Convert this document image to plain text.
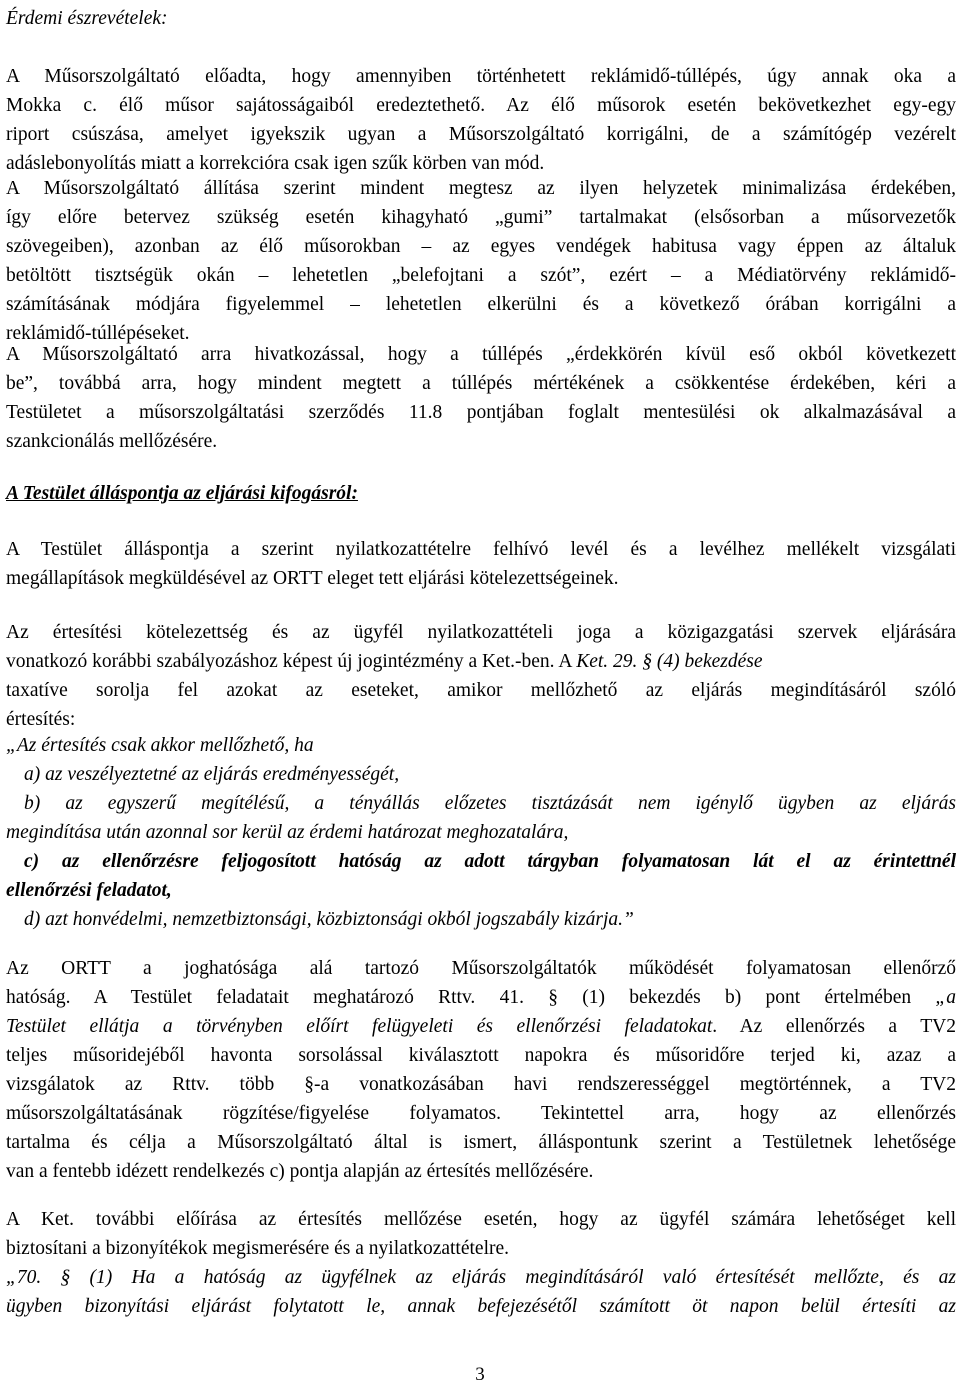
Érdemi észrevételek:
A Műsorszolgáltató előadta, hogy amennyiben történhetett reklámidő-túllépés, úgy annak oka a
Mokka c. élő műsor sajátosságaiból eredeztethető. Az élő műsorok esetén bekövetkezhet egy-egy
riport csúszása, amelyet igyekszik ugyan a Műsorszolgáltató korrigálni, de a számítógép vezérelt
adáslebonyolítás miatt a korrekcióra csak igen szűk körben van mód.
A Műsorszolgáltató állítása szerint mindent megtesz az ilyen helyzetek minimalizása érdekében,
így előre betervez szükség esetén kihagyható „gumi” tartalmakat (elsősorban a műsorvezetők
szövegeiben), azonban az élő műsorokban – az egyes vendégek habitusa vagy éppen az általuk
betöltött tisztségük okán – lehetetlen „belefojtani a szót”, ezért – a Médiatörvény reklámidő-
számításának módjára figyelemmel – lehetetlen elkerülni és a következő órában korrigálni a
reklámidő-túllépéseket.
A Műsorszolgáltató arra hivatkozással, hogy a túllépés „érdekkörén kívül eső okból következett
be”, továbbá arra, hogy mindent megtett a túllépés mértékének a csökkentése érdekében, kéri a
Testületet a műsorszolgáltatási szerződés 11.8 pontjában foglalt mentesülési ok alkalmazásával a
szankcionálás mellőzésére.
A Testület álláspontja az eljárási kifogásról:
A Testület álláspontja a szerint nyilatkozattételre felhívó levél és a levélhez mellékelt vizsgálati
megállapítások megküldésével az ORTT eleget tett eljárási kötelezettségeinek.
Az értesítési kötelezettség és az ügyfél nyilatkozattételi joga a közigazgatási szervek eljárására
vonatkozó korábbi szabályozáshoz képest új jogintézmény a Ket.-ben. A Ket. 29. § (4) bekezdése
taxatíve sorolja fel azokat az eseteket, amikor mellőzhető az eljárás megindításáról szóló
értesítés:
„Az értesítés csak akkor mellőzhető, ha
a) az veszélyeztetné az eljárás eredményességét,
b) az egyszerű megítélésű, a tényállás előzetes tisztázását nem igénylő ügyben az eljárás
megindítása után azonnal sor kerül az érdemi határozat meghozatalára,
c) az ellenőrzésre feljogosított hatóság az adott tárgyban folyamatosan lát el az érintettnél
ellenőrzési feladatot,
d) azt honvédelmi, nemzetbiztonsági, közbiztonsági okból jogszabály kizárja.”
Az ORTT a joghatósága alá tartozó Műsorszolgáltatók működését folyamatosan ellenőrző
hatóság. A Testület feladatait meghatározó Rttv. 41. § (1) bekezdés b) pont értelmében „a
Testület ellátja a törvényben előírt felügyeleti és ellenőrzési feladatokat. Az ellenőrzés a TV2
teljes műsoridejéből havonta sorsolással kiválasztott napokra és műsoridőre terjed ki, azaz a
vizsgálatok az Rttv. több §-a vonatkozásában havi rendszerességgel megtörténnek, a TV2
műsorszolgáltatásának rögzítése/figyelése folyamatos. Tekintettel arra, hogy az ellenőrzés
tartalma és célja a Műsorszolgáltató által is ismert, álláspontunk szerint a Testületnek lehetősége
van a fentebb idézett rendelkezés c) pontja alapján az értesítés mellőzésére.
A Ket. további előírása az értesítés mellőzése esetén, hogy az ügyfél számára lehetőséget kell
biztosítani a bizonyítékok megismerésére és a nyilatkozattételre.
„70. § (1) Ha a hatóság az ügyfélnek az eljárás megindításáról való értesítését mellőzte, és az
ügyben bizonyítási eljárást folytatott le, annak befejezésétől számított öt napon belül értesíti az
3
